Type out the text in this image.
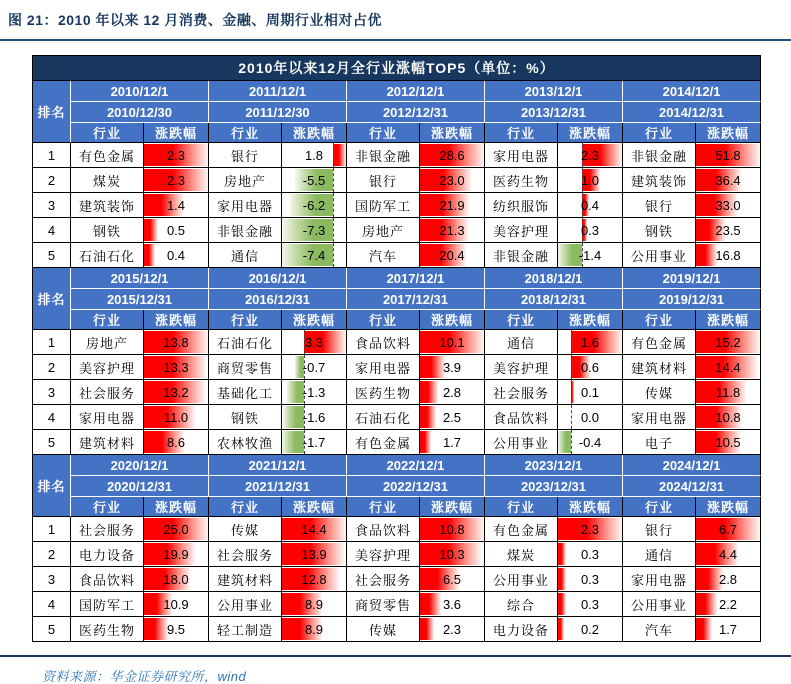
图 21：2010 年以来 12 月消费、金融、周期行业相对占优
2010年以来12月全行业涨幅TOP5（单位：%）										
排名	2010/12/1		2011/12/1		2012/12/1		2013/12/1		2014/12/1	
	2010/12/30		2011/12/30		2012/12/31		2013/12/31		2014/12/31	
	行业	涨跌幅	行业	涨跌幅	行业	涨跌幅	行业	涨跌幅	行业	涨跌幅
1	有色金属	2.3	银行	1.8	非银金融	28.6	家用电器	2.3	非银金融	51.8
2	煤炭	2.3	房地产	-5.5	银行	23.0	医药生物	1.0	建筑装饰	36.4
3	建筑装饰	1.4	家用电器	-6.2	国防军工	21.9	纺织服饰	0.4	银行	33.0
4	钢铁	0.5	非银金融	-7.3	房地产	21.3	美容护理	0.3	钢铁	23.5
5	石油石化	0.4	通信	-7.4	汽车	20.4	非银金融	-1.4	公用事业	16.8
排名	2015/12/1		2016/12/1		2017/12/1		2018/12/1		2019/12/1	
	2015/12/31		2016/12/31		2017/12/31		2018/12/31		2019/12/31	
	行业	涨跌幅	行业	涨跌幅	行业	涨跌幅	行业	涨跌幅	行业	涨跌幅
1	房地产	13.8	石油石化	3.3	食品饮料	10.1	通信	1.6	有色金属	15.2
2	美容护理	13.3	商贸零售	-0.7	家用电器	3.9	美容护理	0.6	建筑材料	14.4
3	社会服务	13.2	基础化工	-1.3	医药生物	2.8	社会服务	0.1	传媒	11.8
4	家用电器	11.0	钢铁	-1.6	石油石化	2.5	食品饮料	0.0	家用电器	10.8
5	建筑材料	8.6	农林牧渔	-1.7	有色金属	1.7	公用事业	-0.4	电子	10.5
排名	2020/12/1		2021/12/1		2022/12/1		2023/12/1		2024/12/1	
	2020/12/31		2021/12/31		2022/12/31		2023/12/31		2024/12/31	
	行业	涨跌幅	行业	涨跌幅	行业	涨跌幅	行业	涨跌幅	行业	涨跌幅
1	社会服务	25.0	传媒	14.4	食品饮料	10.8	有色金属	2.3	银行	6.7
2	电力设备	19.9	社会服务	13.9	美容护理	10.3	煤炭	0.3	通信	4.4
3	食品饮料	18.0	建筑材料	12.8	社会服务	6.5	公用事业	0.3	家用电器	2.8
4	国防军工	10.9	公用事业	8.9	商贸零售	3.6	综合	0.3	公用事业	2.2
5	医药生物	9.5	轻工制造	8.9	传媒	2.3	电力设备	0.2	汽车	1.7
资料来源：华金证券研究所，wind
